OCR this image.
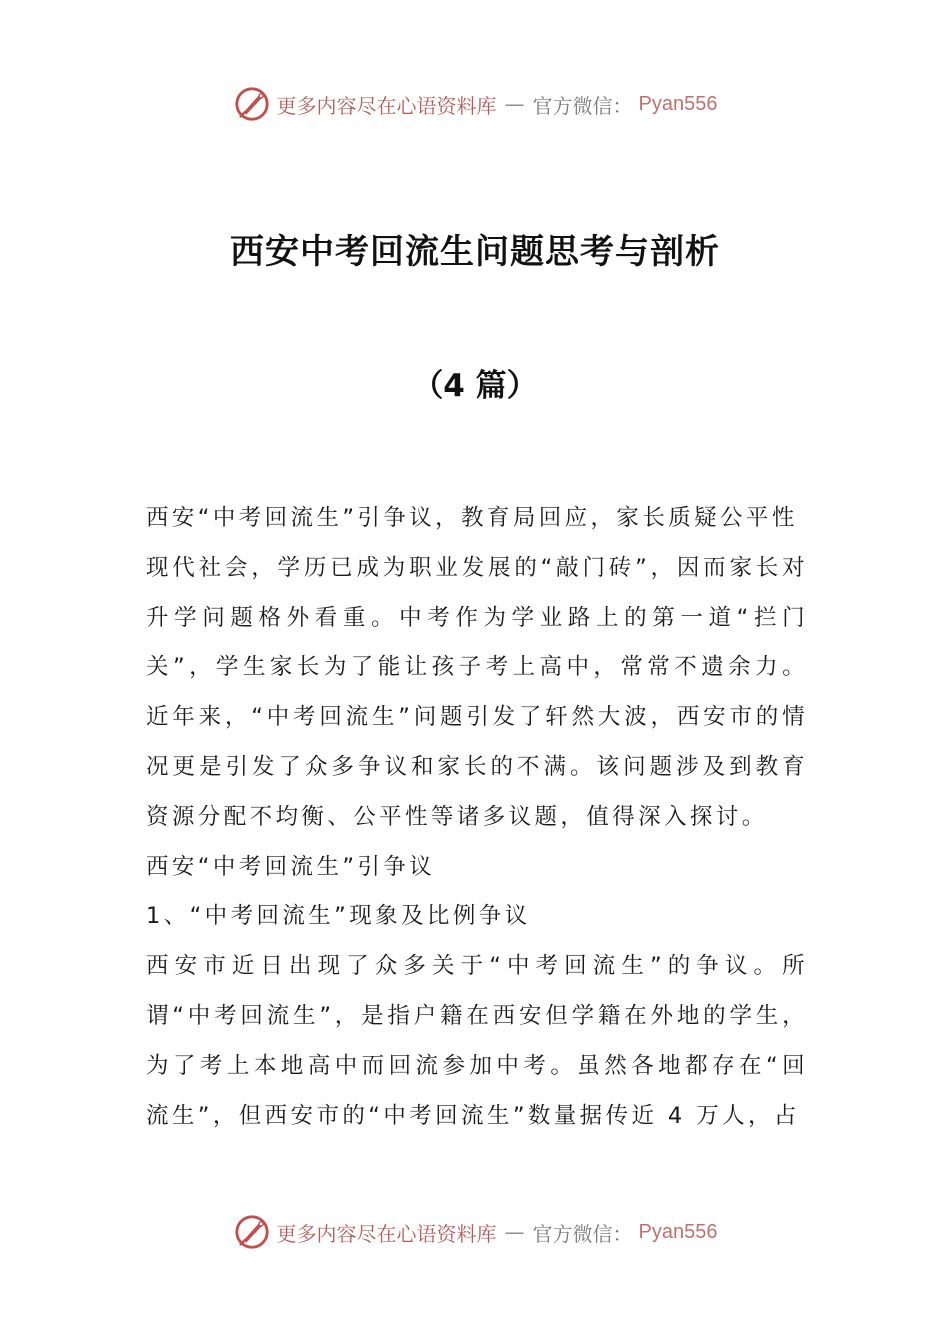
更多内容尽在心语资料库 — 官方微信： Pyan556
西安中考回流生问题思考与剖析
（4 篇）

西安“中考回流生”引争议，教育局回应，家长质疑公平性

现代社会，学历已成为职业发展的“敲门砖”，因而家长对升学问题格外看重。中考作为学业路上的第一道“拦门关”，学生家长为了能让孩子考上高中，常常不遗余力。近年来，“中考回流生”问题引发了轩然大波，西安市的情况更是引发了众多争议和家长的不满。该问题涉及到教育资源分配不均衡、公平性等诸多议题，值得深入探讨。

西安“中考回流生”引争议

1、“中考回流生”现象及比例争议

西安市近日出现了众多关于“中考回流生”的争议。所谓“中考回流生”，是指户籍在西安但学籍在外地的学生，为了考上本地高中而回流参加中考。虽然各地都存在“回流生”，但西安市的“中考回流生”数量据传近 4 万人，占

更多内容尽在心语资料库 — 官方微信： Pyan556
